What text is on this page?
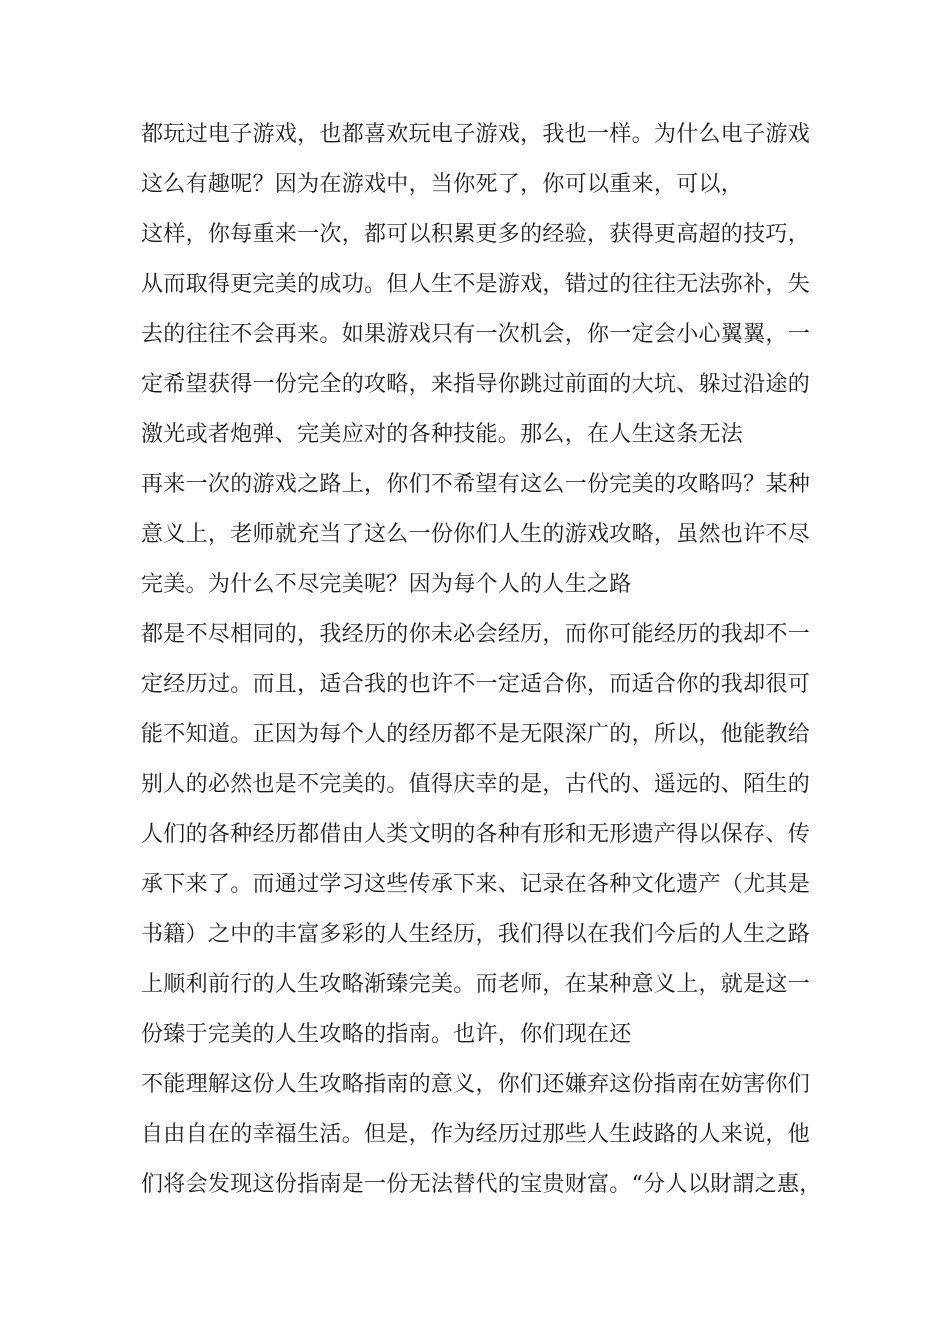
都玩过电子游戏，也都喜欢玩电子游戏，我也一样。为什么电子游戏
这么有趣呢？因为在游戏中，当你死了，你可以重来，可以，
这样，你每重来一次，都可以积累更多的经验，获得更高超的技巧，
从而取得更完美的成功。但人生不是游戏，错过的往往无法弥补，失
去的往往不会再来。如果游戏只有一次机会，你一定会小心翼翼，一
定希望获得一份完全的攻略，来指导你跳过前面的大坑、躲过沿途的
激光或者炮弹、完美应对的各种技能。那么，在人生这条无法
再来一次的游戏之路上，你们不希望有这么一份完美的攻略吗？某种
意义上，老师就充当了这么一份你们人生的游戏攻略，虽然也许不尽
完美。为什么不尽完美呢？因为每个人的人生之路
都是不尽相同的，我经历的你未必会经历，而你可能经历的我却不一
定经历过。而且，适合我的也许不一定适合你，而适合你的我却很可
能不知道。正因为每个人的经历都不是无限深广的，所以，他能教给
别人的必然也是不完美的。值得庆幸的是，古代的、遥远的、陌生的
人们的各种经历都借由人类文明的各种有形和无形遗产得以保存、传
承下来了。而通过学习这些传承下来、记录在各种文化遗产（尤其是
书籍）之中的丰富多彩的人生经历，我们得以在我们今后的人生之路
上顺利前行的人生攻略渐臻完美。而老师，在某种意义上，就是这一
份臻于完美的人生攻略的指南。也许，你们现在还
不能理解这份人生攻略指南的意义，你们还嫌弃这份指南在妨害你们
自由自在的幸福生活。但是，作为经历过那些人生歧路的人来说，他
们将会发现这份指南是一份无法替代的宝贵财富。“分人以財謂之惠，
